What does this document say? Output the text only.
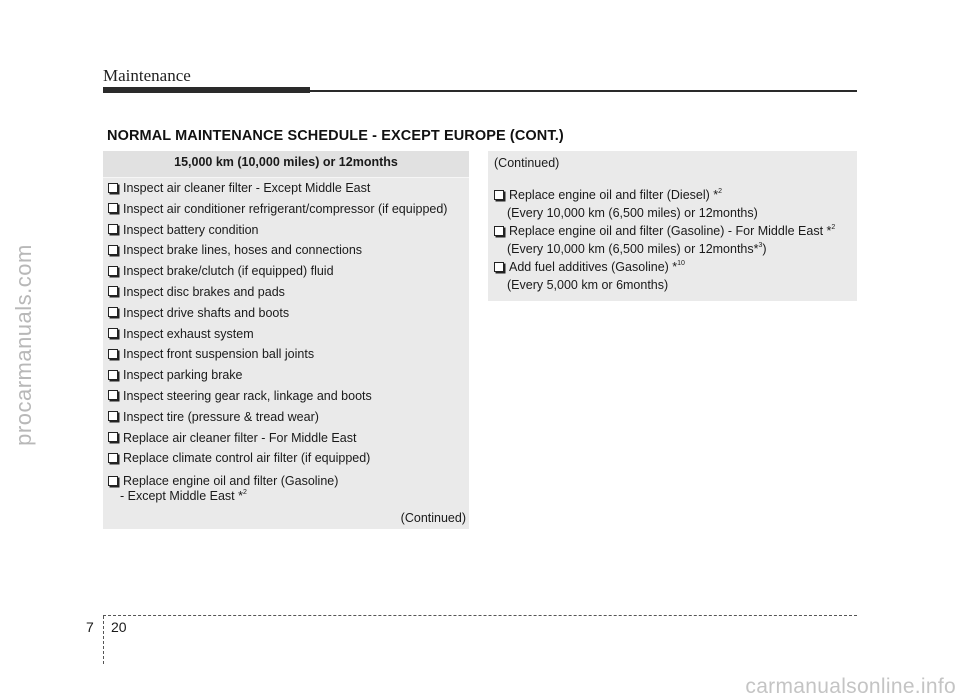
procarmanuals.com
Maintenance
NORMAL MAINTENANCE SCHEDULE - EXCEPT EUROPE (CONT.)
15,000 km (10,000 miles) or 12months
Inspect air cleaner filter - Except Middle East
Inspect air conditioner refrigerant/compressor (if equipped)
Inspect battery condition
Inspect brake lines, hoses and connections
Inspect brake/clutch (if equipped) fluid
Inspect disc brakes and pads
Inspect drive shafts and boots
Inspect exhaust system
Inspect front suspension ball joints
Inspect parking brake
Inspect steering gear rack, linkage and boots
Inspect tire (pressure & tread wear)
Replace air cleaner filter - For Middle East
Replace climate control air filter (if equipped)
Replace engine oil and filter (Gasoline)
- Except Middle East *$^2$
(Continued)
(Continued)
Replace engine oil and filter (Diesel) *$^2$
(Every 10,000 km (6,500 miles) or 12months)
Replace engine oil and filter (Gasoline) - For Middle East *$^2$
(Every 10,000 km (6,500 miles) or 12months*$^3$)
Add fuel additives (Gasoline) *$^{10}$
(Every 5,000 km or 6months)
7 20
carmanualsonline.info
